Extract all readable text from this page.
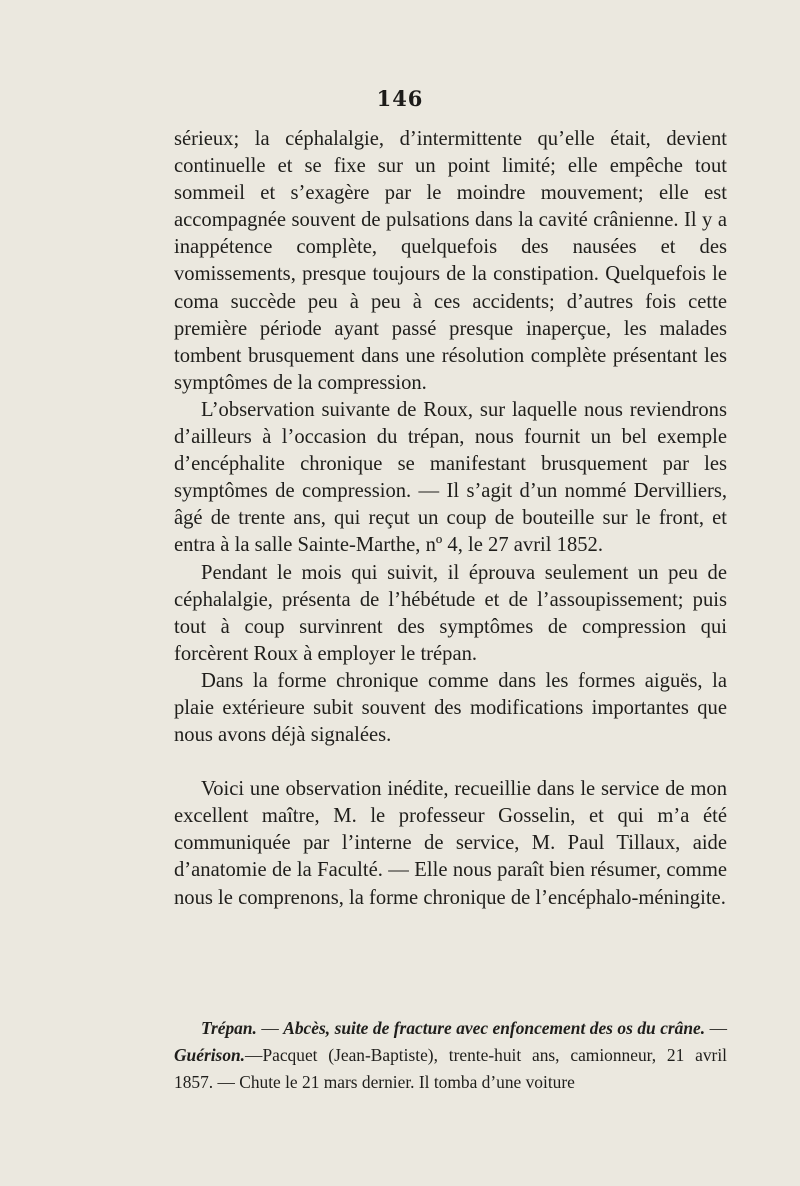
146

sérieux; la céphalalgie, d’intermittente qu’elle était, devient continuelle et se fixe sur un point limité; elle empêche tout sommeil et s’exagère par le moindre mouvement; elle est accompagnée souvent de pulsations dans la cavité crânienne. Il y a inappétence complète, quelquefois des nausées et des vomissements, presque toujours de la constipation. Quelquefois le coma succède peu à peu à ces accidents; d’autres fois cette première période ayant passé presque inaperçue, les malades tombent brusquement dans une résolution complète présentant les symptômes de la compression.

L’observation suivante de Roux, sur laquelle nous reviendrons d’ailleurs à l’occasion du trépan, nous fournit un bel exemple d’encéphalite chronique se manifestant brusquement par les symptômes de compression. — Il s’agit d’un nommé Dervilliers, âgé de trente ans, qui reçut un coup de bouteille sur le front, et entra à la salle Sainte-Marthe, nº 4, le 27 avril 1852.

Pendant le mois qui suivit, il éprouva seulement un peu de céphalalgie, présenta de l’hébétude et de l’assoupissement; puis tout à coup survinrent des symptômes de compression qui forcèrent Roux à employer le trépan.

Dans la forme chronique comme dans les formes aiguës, la plaie extérieure subit souvent des modifications importantes que nous avons déjà signalées.

Voici une observation inédite, recueillie dans le service de mon excellent maître, M. le professeur Gosselin, et qui m’a été communiquée par l’interne de service, M. Paul Tillaux, aide d’anatomie de la Faculté. — Elle nous paraît bien résumer, comme nous le comprenons, la forme chronique de l’encéphalo-méningite.

Trépan. — Abcès, suite de fracture avec enfoncement des os du crâne. — Guérison.—Pacquet (Jean-Baptiste), trente-huit ans, camionneur, 21 avril 1857. — Chute le 21 mars dernier. Il tomba d’une voiture
